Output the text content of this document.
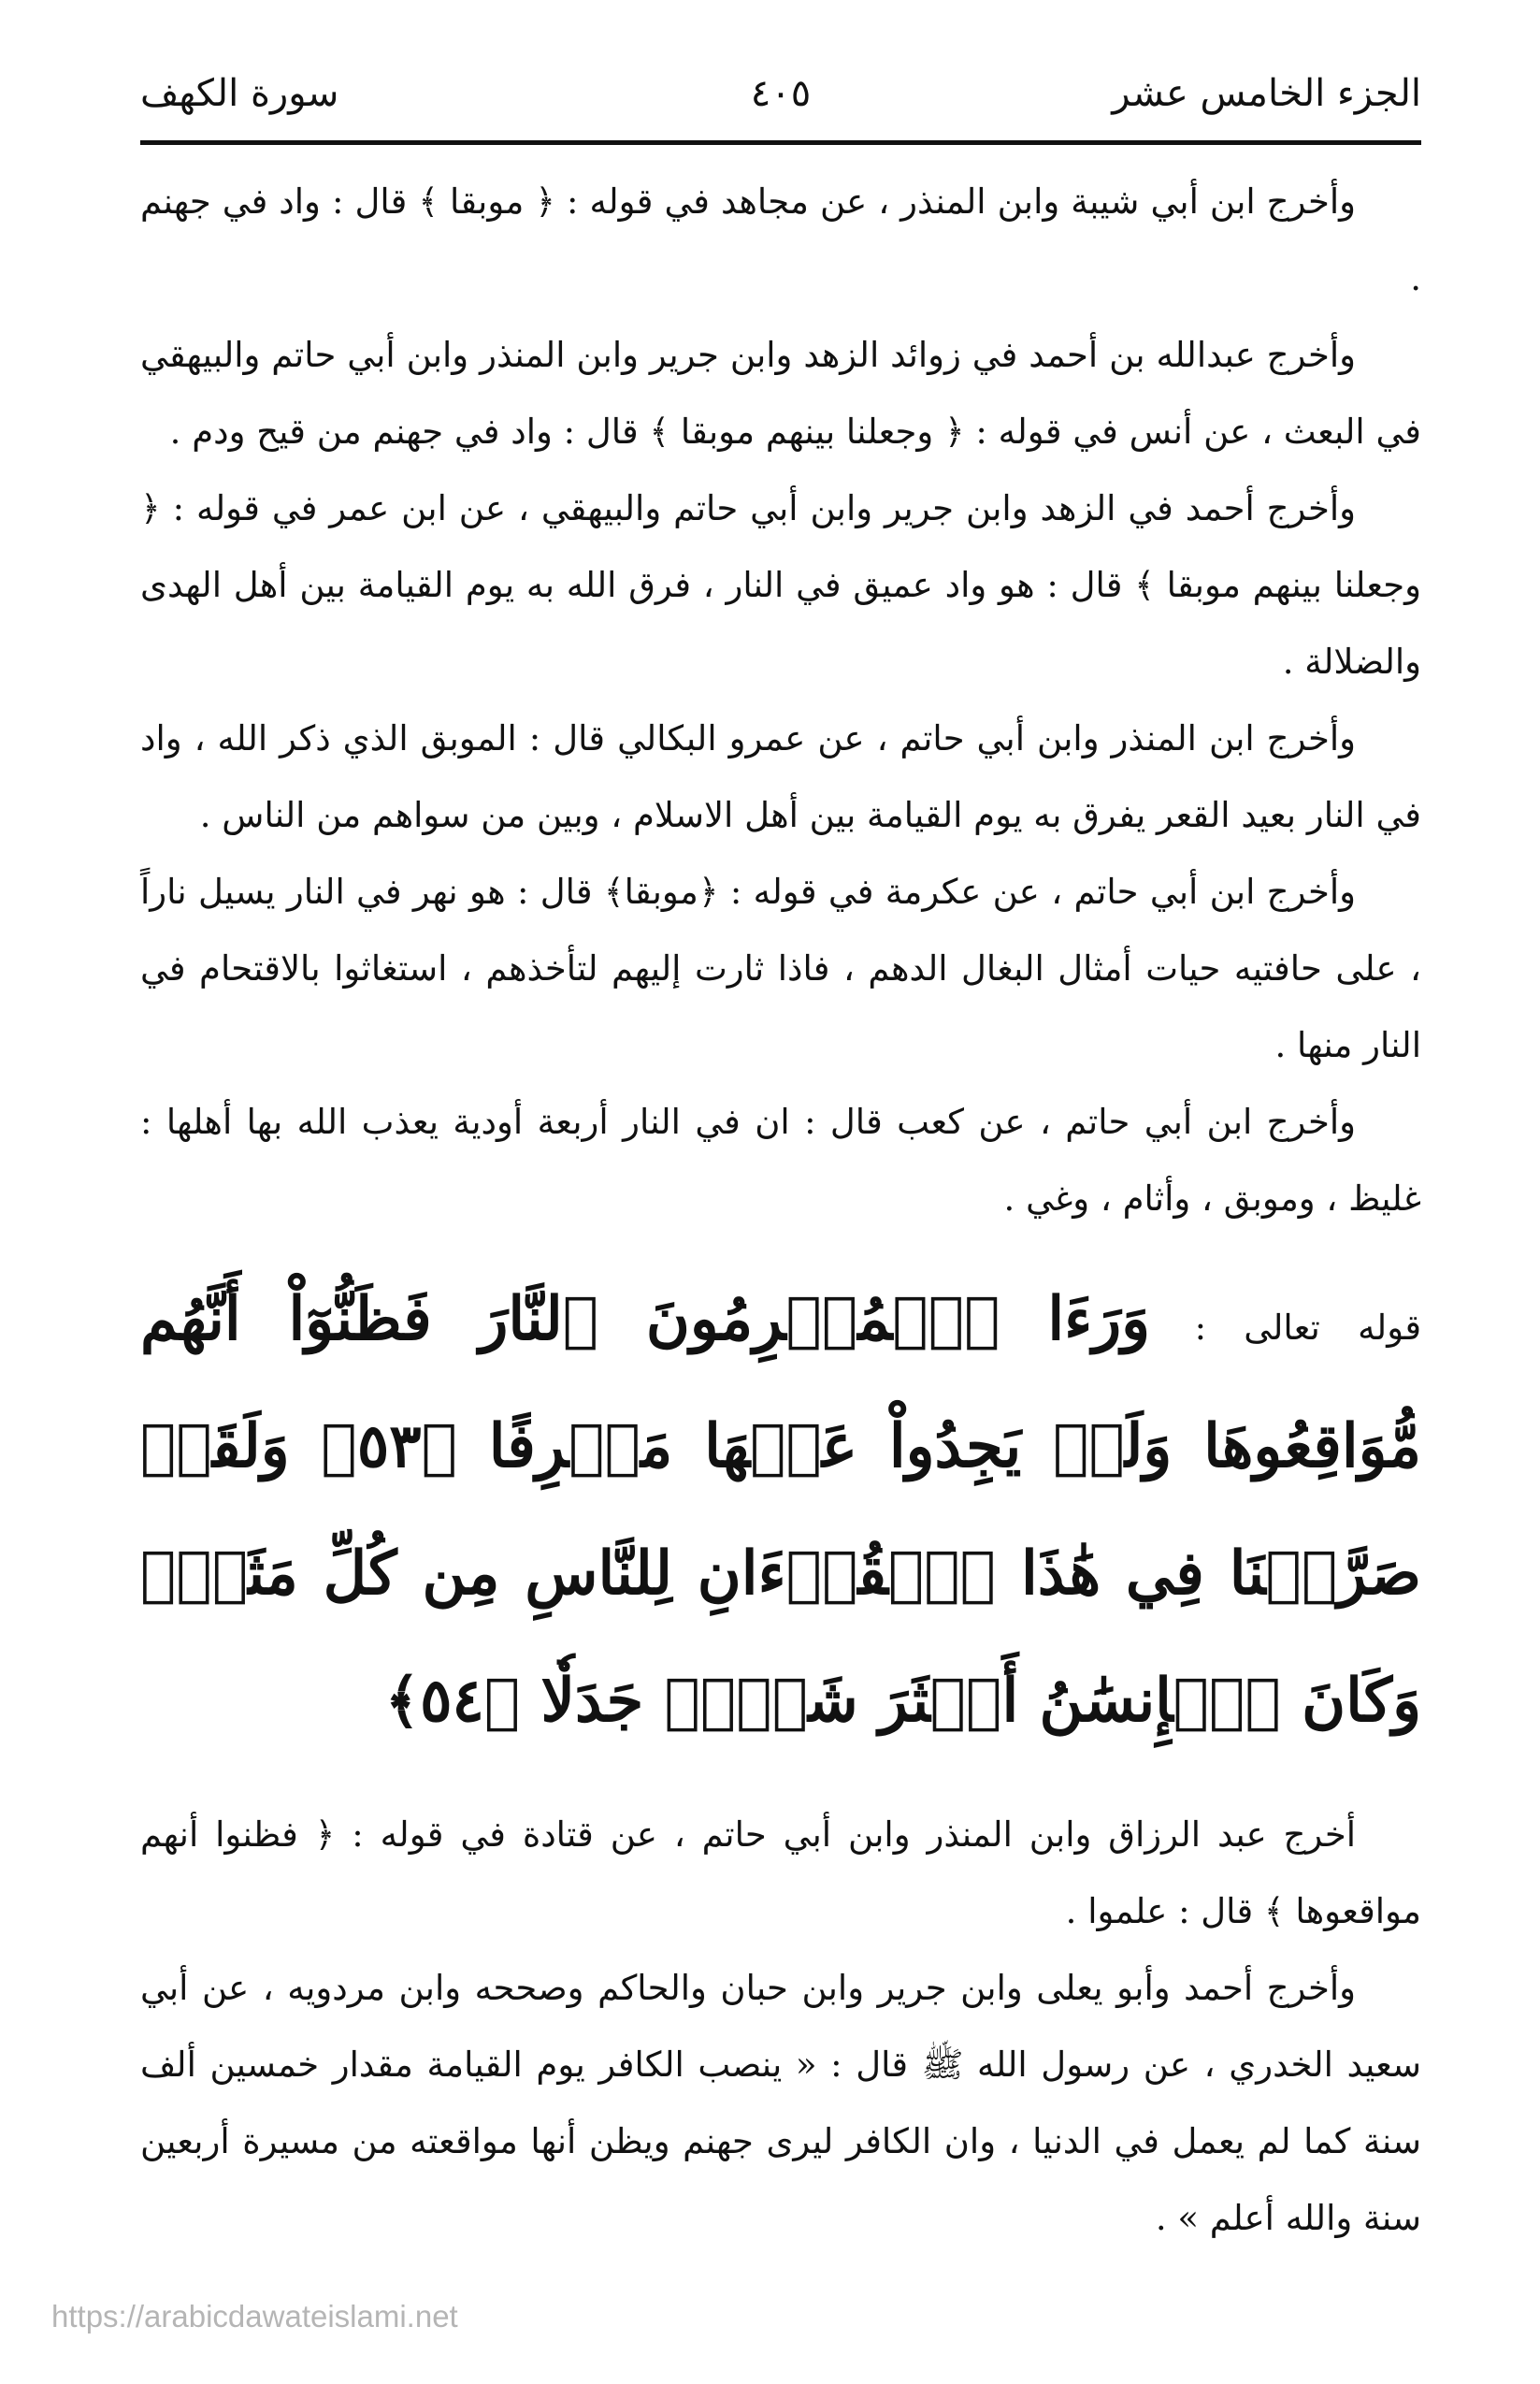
الجزء الخامس عشر
٤٠٥
سورة الكهف

وأخرج ابن أبي شيبة وابن المنذر ، عن مجاهد في قوله : ﴿ موبقا ﴾ قال : واد في جهنم .

وأخرج عبدالله بن أحمد في زوائد الزهد وابن جرير وابن المنذر وابن أبي حاتم والبيهقي في البعث ، عن أنس في قوله : ﴿ وجعلنا بينهم موبقا ﴾ قال : واد في جهنم من قيح ودم .

وأخرج أحمد في الزهد وابن جرير وابن أبي حاتم والبيهقي ، عن ابن عمر في قوله : ﴿ وجعلنا بينهم موبقا ﴾ قال : هو واد عميق في النار ، فرق الله به يوم القيامة بين أهل الهدى والضلالة .

وأخرج ابن المنذر وابن أبي حاتم ، عن عمرو البكالي قال : الموبق الذي ذكر الله ، واد في النار بعيد القعر يفرق به يوم القيامة بين أهل الاسلام ، وبين من سواهم من الناس .

وأخرج ابن أبي حاتم ، عن عكرمة في قوله : ﴿موبقا﴾ قال : هو نهر في النار يسيل ناراً ، على حافتيه حيات أمثال البغال الدهم ، فاذا ثارت إليهم لتأخذهم ، استغاثوا بالاقتحام في النار منها .

وأخرج ابن أبي حاتم ، عن كعب قال : ان في النار أربعة أودية يعذب الله بها أهلها : غليظ ، وموبق ، وأثام ، وغي .

قوله تعالى : وَرَءَا ٱلۡمُجۡرِمُونَ ٱلنَّارَ فَظَنُّوٓاْ أَنَّهُم مُّوَاقِعُوهَا وَلَمۡ يَجِدُواْ عَنۡهَا مَصۡرِفًا ﴿٥٣﴾ وَلَقَدۡ صَرَّفۡنَا فِي هَٰذَا ٱلۡقُرۡءَانِ لِلنَّاسِ مِن كُلِّ مَثَلٖۚ وَكَانَ ٱلۡإِنسَٰنُ أَكۡثَرَ شَيۡءٖ جَدَلٗا ﴿٥٤﴾

أخرج عبد الرزاق وابن المنذر وابن أبي حاتم ، عن قتادة في قوله : ﴿ فظنوا أنهم مواقعوها ﴾ قال : علموا .

وأخرج أحمد وأبو يعلى وابن جرير وابن حبان والحاكم وصححه وابن مردويه ، عن أبي سعيد الخدري ، عن رسول الله ﷺ قال : « ينصب الكافر يوم القيامة مقدار خمسين ألف سنة كما لم يعمل في الدنيا ، وان الكافر ليرى جهنم ويظن أنها مواقعته من مسيرة أربعين سنة والله أعلم » .

https://arabicdawateislami.net
